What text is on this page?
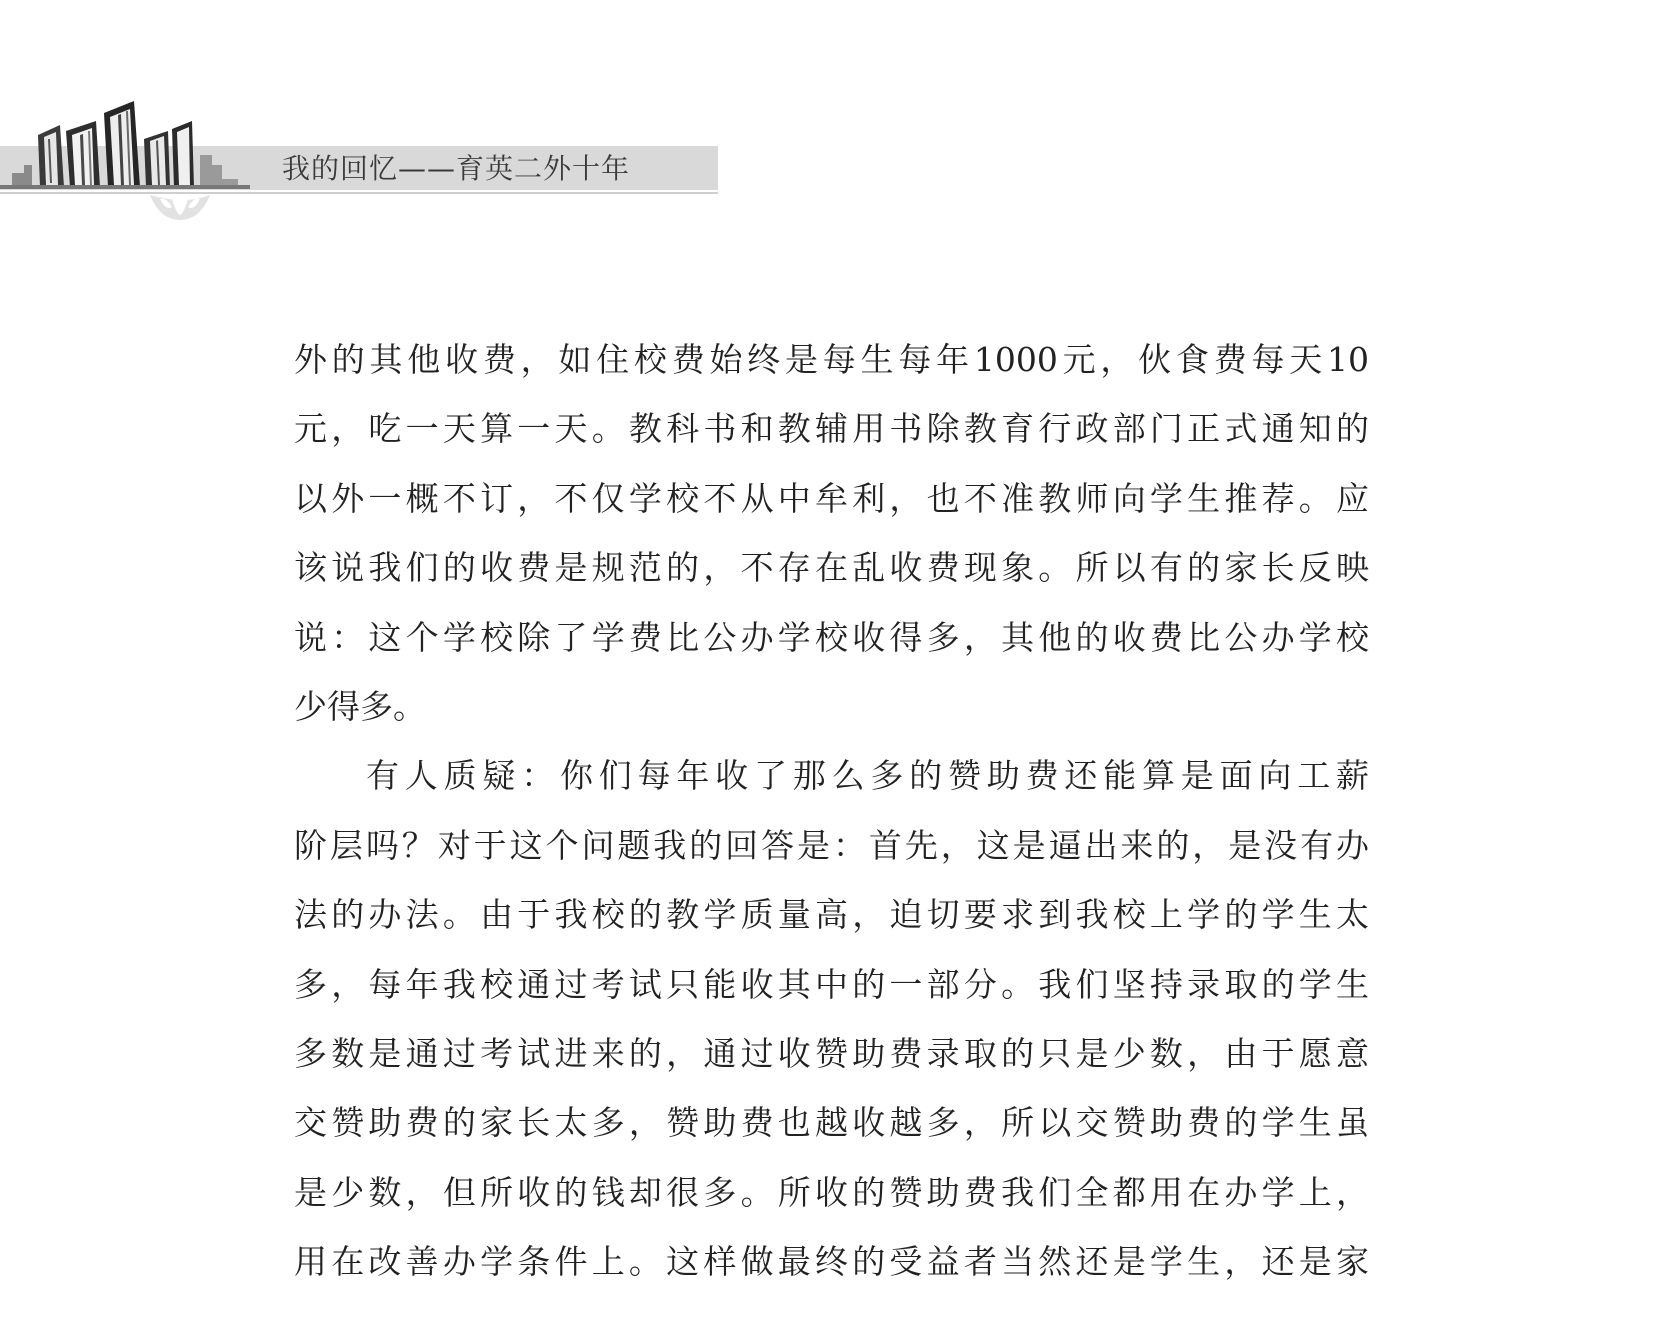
我的回忆——育英二外十年
外的其他收费，如住校费始终是每生每年1000元，伙食费每天10
元，吃一天算一天。教科书和教辅用书除教育行政部门正式通知的
以外一概不订，不仅学校不从中牟利，也不准教师向学生推荐。应
该说我们的收费是规范的，不存在乱收费现象。所以有的家长反映
说：这个学校除了学费比公办学校收得多，其他的收费比公办学校
少得多。
有人质疑：你们每年收了那么多的赞助费还能算是面向工薪
阶层吗？对于这个问题我的回答是：首先，这是逼出来的，是没有办
法的办法。由于我校的教学质量高，迫切要求到我校上学的学生太
多，每年我校通过考试只能收其中的一部分。我们坚持录取的学生
多数是通过考试进来的，通过收赞助费录取的只是少数，由于愿意
交赞助费的家长太多，赞助费也越收越多，所以交赞助费的学生虽
是少数，但所收的钱却很多。所收的赞助费我们全都用在办学上，
用在改善办学条件上。这样做最终的受益者当然还是学生，还是家
